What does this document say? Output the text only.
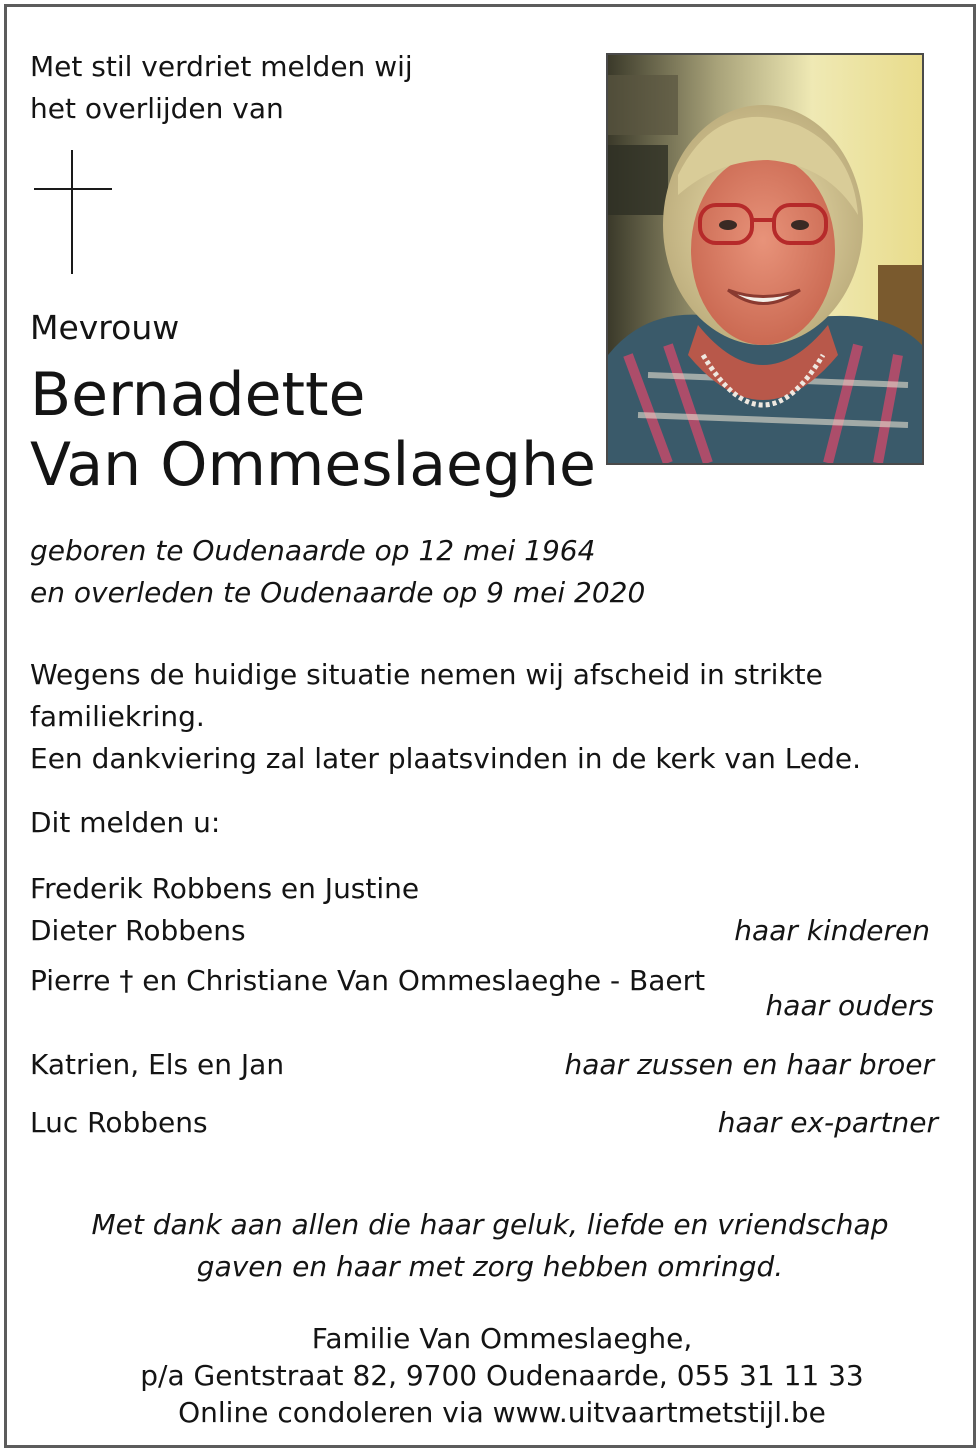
Met stil verdriet melden wij
het overlijden van
Mevrouw
Bernadette
Van Ommeslaeghe
geboren te Oudenaarde op 12 mei 1964
en overleden te Oudenaarde op 9 mei 2020
Wegens de huidige situatie nemen wij afscheid in strikte
familiekring.
Een dankviering zal later plaatsvinden in de kerk van Lede.
Dit melden u:
Frederik Robbens en Justine
Dieter Robbens	haar kinderen
Pierre † en Christiane Van Ommeslaeghe - Baert
haar ouders
Katrien, Els en Jan	haar zussen en haar broer
Luc Robbens	haar ex-partner
Met dank aan allen die haar geluk, liefde en vriendschap
gaven en haar met zorg hebben omringd.
Familie Van Ommeslaeghe,
p/a Gentstraat 82, 9700 Oudenaarde, 055 31 11 33
Online condoleren via www.uitvaartmetstijl.be
